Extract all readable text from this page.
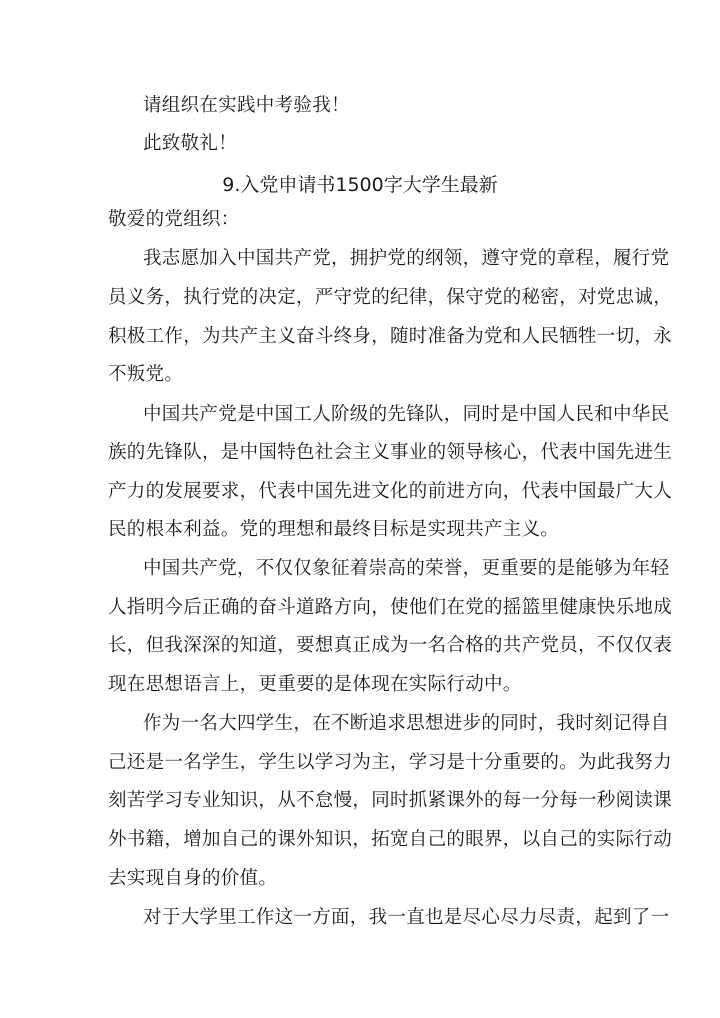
请组织在实践中考验我！
此致敬礼！
9.入党申请书1500字大学生最新
敬爱的党组织：
我志愿加入中国共产党，拥护党的纲领，遵守党的章程，履行党
员义务，执行党的决定，严守党的纪律，保守党的秘密，对党忠诚，
积极工作，为共产主义奋斗终身，随时准备为党和人民牺牲一切，永
不叛党。
中国共产党是中国工人阶级的先锋队，同时是中国人民和中华民
族的先锋队，是中国特色社会主义事业的领导核心，代表中国先进生
产力的发展要求，代表中国先进文化的前进方向，代表中国最广大人
民的根本利益。党的理想和最终目标是实现共产主义。
中国共产党，不仅仅象征着崇高的荣誉，更重要的是能够为年轻
人指明今后正确的奋斗道路方向，使他们在党的摇篮里健康快乐地成
长，但我深深的知道，要想真正成为一名合格的共产党员，不仅仅表
现在思想语言上，更重要的是体现在实际行动中。
作为一名大四学生，在不断追求思想进步的同时，我时刻记得自
己还是一名学生，学生以学习为主，学习是十分重要的。为此我努力
刻苦学习专业知识，从不怠慢，同时抓紧课外的每一分每一秒阅读课
外书籍，增加自己的课外知识，拓宽自己的眼界，以自己的实际行动
去实现自身的价值。
对于大学里工作这一方面，我一直也是尽心尽力尽责，起到了一
